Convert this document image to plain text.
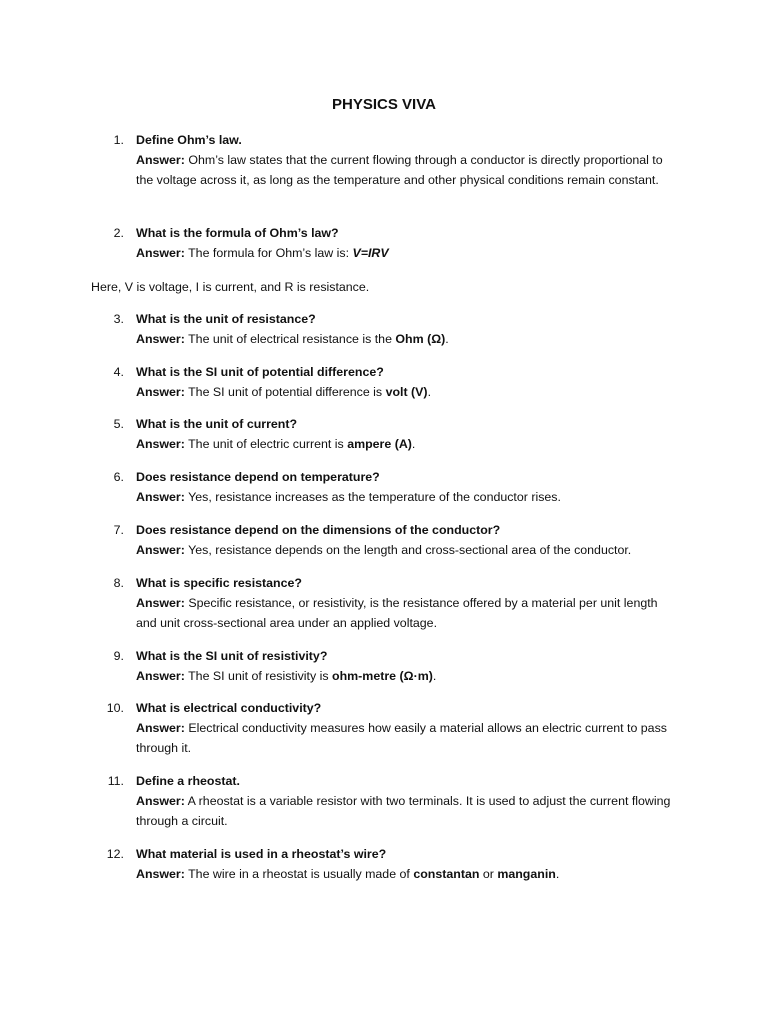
PHYSICS VIVA
1. Define Ohm’s law.
Answer: Ohm’s law states that the current flowing through a conductor is directly proportional to the voltage across it, as long as the temperature and other physical conditions remain constant.
2. What is the formula of Ohm’s law?
Answer: The formula for Ohm’s law is: V=IRV
Here, V is voltage, I is current, and R is resistance.
3. What is the unit of resistance?
Answer: The unit of electrical resistance is the Ohm (Ω).
4. What is the SI unit of potential difference?
Answer: The SI unit of potential difference is volt (V).
5. What is the unit of current?
Answer: The unit of electric current is ampere (A).
6. Does resistance depend on temperature?
Answer: Yes, resistance increases as the temperature of the conductor rises.
7. Does resistance depend on the dimensions of the conductor?
Answer: Yes, resistance depends on the length and cross-sectional area of the conductor.
8. What is specific resistance?
Answer: Specific resistance, or resistivity, is the resistance offered by a material per unit length and unit cross-sectional area under an applied voltage.
9. What is the SI unit of resistivity?
Answer: The SI unit of resistivity is ohm-metre (Ω·m).
10. What is electrical conductivity?
Answer: Electrical conductivity measures how easily a material allows an electric current to pass through it.
11. Define a rheostat.
Answer: A rheostat is a variable resistor with two terminals. It is used to adjust the current flowing through a circuit.
12. What material is used in a rheostat’s wire?
Answer: The wire in a rheostat is usually made of constantan or manganin.
